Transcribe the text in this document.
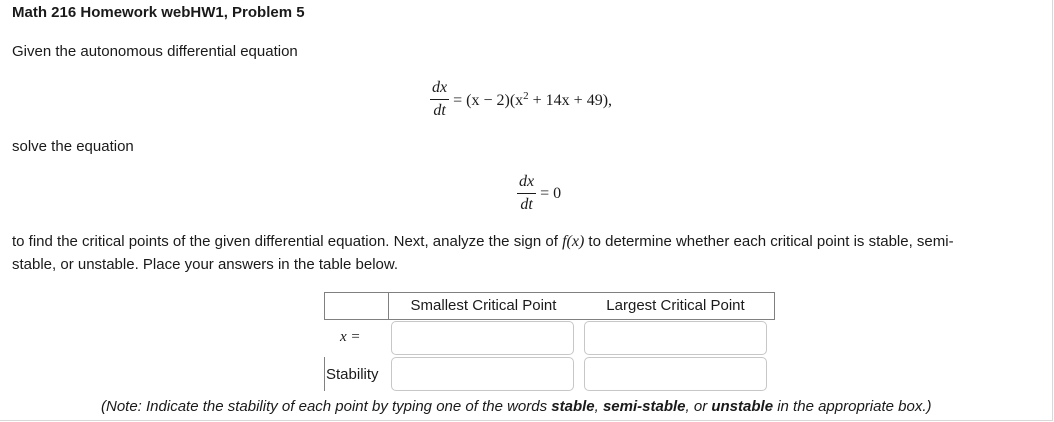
Math 216 Homework webHW1, Problem 5
Given the autonomous differential equation
$\frac{dx}{dt} = (x - 2)(x^2 + 14x + 49)$,
solve the equation
$\frac{dx}{dt} = 0$
to find the critical points of the given differential equation. Next, analyze the sign of f(x) to determine whether each critical point is stable, semi-
stable, or unstable. Place your answers in the table below.
Smallest Critical Point	Largest Critical Point
x =
Stability
(Note: Indicate the stability of each point by typing one of the words stable, semi-stable, or unstable in the appropriate box.)
